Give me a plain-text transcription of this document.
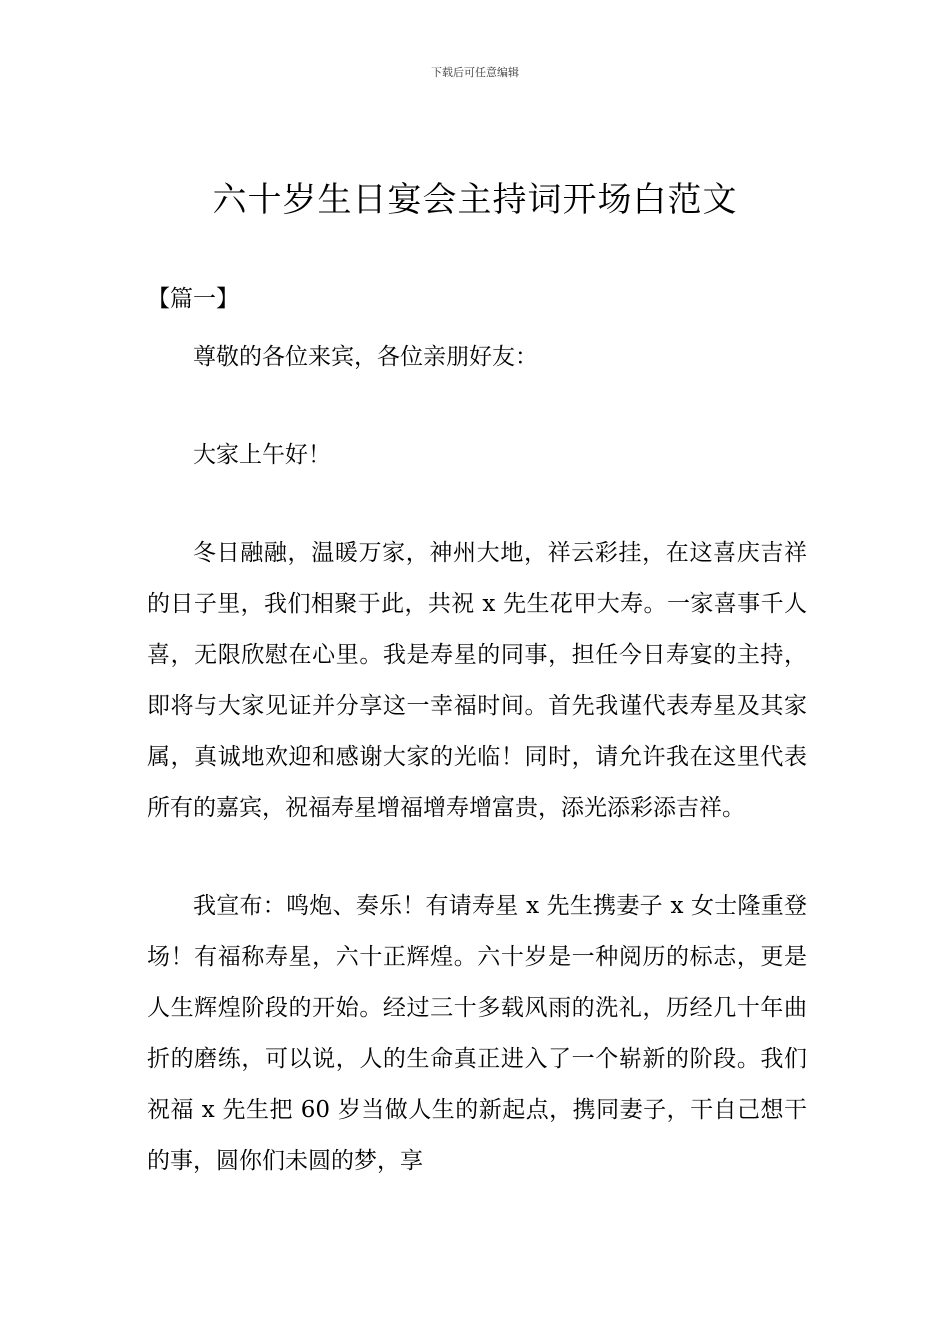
下载后可任意编辑
六十岁生日宴会主持词开场白范文
【篇一】

尊敬的各位来宾，各位亲朋好友：

大家上午好！

冬日融融，温暖万家，神州大地，祥云彩挂，在这喜庆吉祥的日子里，我们相聚于此，共祝 x 先生花甲大寿。一家喜事千人喜，无限欣慰在心里。我是寿星的同事，担任今日寿宴的主持，即将与大家见证并分享这一幸福时间。首先我谨代表寿星及其家属，真诚地欢迎和感谢大家的光临！同时，请允许我在这里代表所有的嘉宾，祝福寿星增福增寿增富贵，添光添彩添吉祥。

我宣布：鸣炮、奏乐！有请寿星 x 先生携妻子 x 女士隆重登场！有福称寿星，六十正辉煌。六十岁是一种阅历的标志，更是人生辉煌阶段的开始。经过三十多载风雨的洗礼，历经几十年曲折的磨练，可以说，人的生命真正进入了一个崭新的阶段。我们祝福 x 先生把 60 岁当做人生的新起点，携同妻子，干自己想干的事，圆你们未圆的梦，享
